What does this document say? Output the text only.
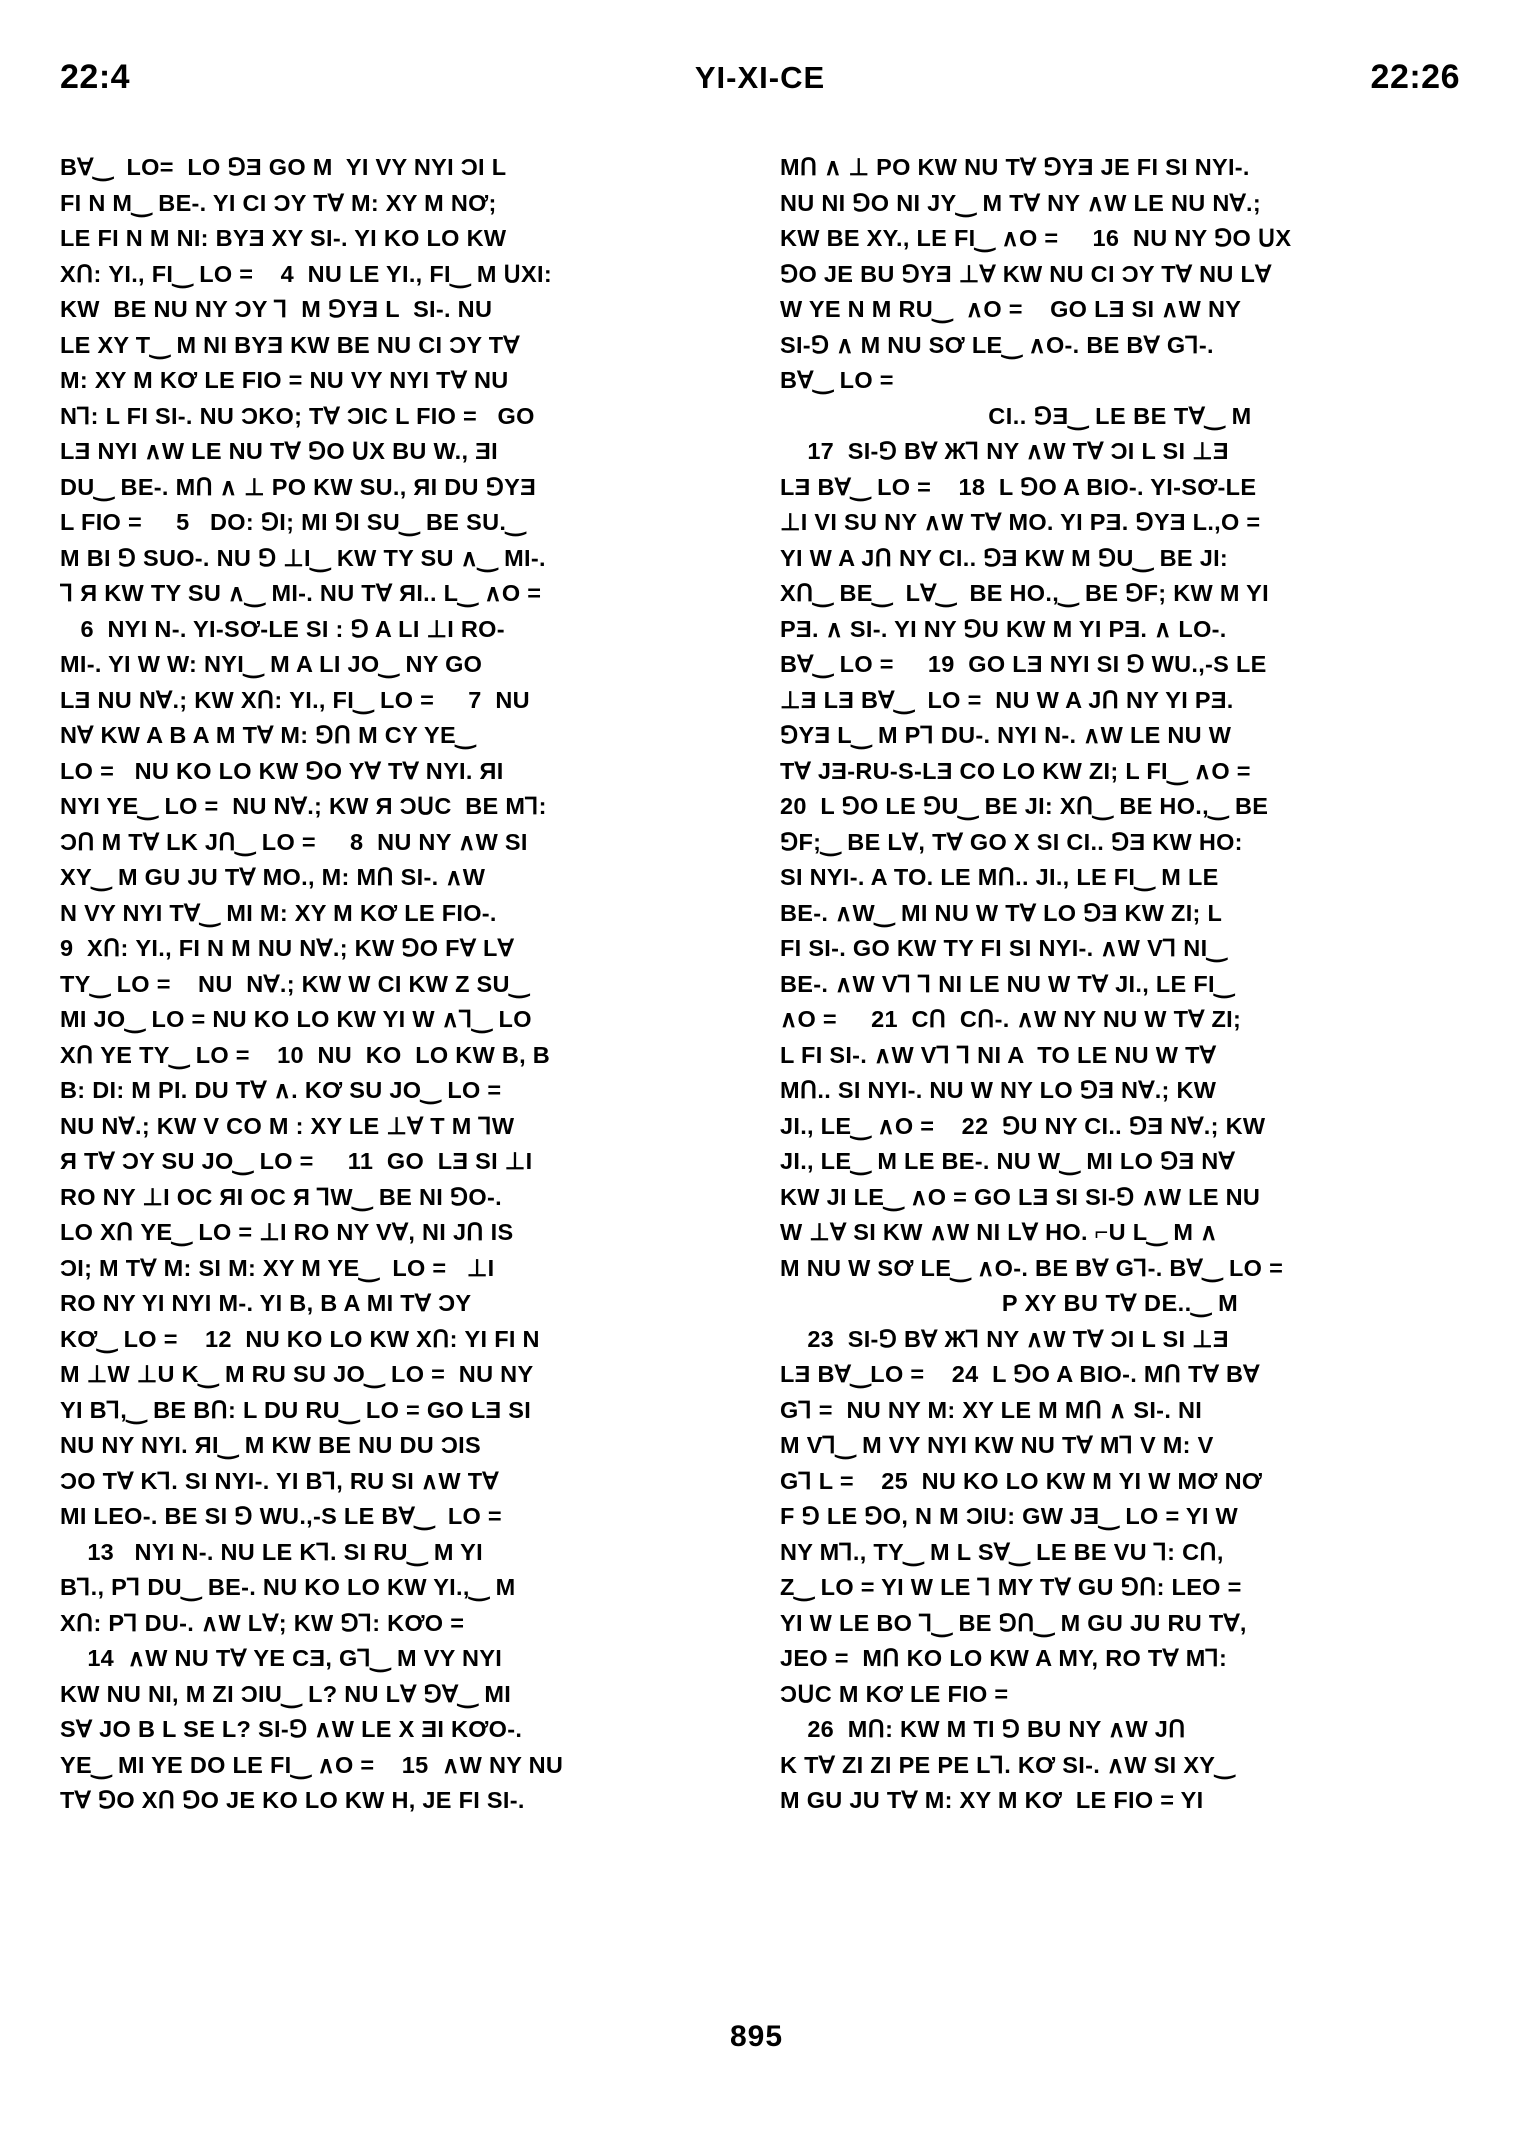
22:4	YI-XI-CE	22:26
B∀‿  LO=  LO ⅁Ǝ GO M  YI VY NYI ƆI L
FI N M‿ BE-. YI CI ƆY T∀ M: XY M NƠ;
LE FI N M NI: BYƎ XY SI-. YI KO LO KW
XՈ: YI., FI‿ LO =    4  NU LE YI., FI‿ M ՍXI:
KW  BE NU NY ƆY ⅂  M ⅁YƎ L  SI-. NU
LE XY T‿ M NI BYƎ KW BE NU CI ƆY T∀
M: XY M KƠ LE FIO = NU VY NYI T∀ NU
N⅂: L FI SI-. NU ƆKO; T∀ ƆIC L FIO =   GO
LƎ NYI ∧W LE NU T∀ ⅁O ՍX BU W., ƎI
DU‿ BE-. MՈ ∧ ⊥ PO KW SU., ЯI DU ⅁YƎ
L FIO =     5   DO: ⅁I; MI ⅁I SU‿ BE SU.‿
M BI ⅁ SUO-. NU ⅁ ⊥I‿ KW TY SU ∧‿ MI-.
⅂ Я KW TY SU ∧‿ MI-. NU T∀ ЯI.. L‿ ∧O =
6  NYI N-. YI-SƠ-LE SI : ⅁ A LI ⊥I RO-
MI-. YI W W: NYI‿ M A LI JO‿ NY GO
LƎ NU N∀.; KW XՈ: YI., FI‿ LO =     7  NU
N∀ KW A B A M T∀ M: ⅁Ո M CY YE‿
LO =   NU KO LO KW ⅁O Y∀ T∀ NYI. ЯI
NYI YE‿ LO =  NU N∀.; KW Я ƆՍC  BE M⅂:
ƆՈ M T∀ LK JՈ‿ LO =     8  NU NY ∧W SI
XY‿ M GU JU T∀ MO., M: MՈ SI-. ∧W
N VY NYI T∀‿ MI M: XY M KƠ LE FIO-.
9  XՈ: YI., FI N M NU N∀.; KW ⅁O F∀ L∀
TY‿ LO =    NU  N∀.; KW W CI KW Z SU‿
MI JO‿ LO = NU KO LO KW YI W ∧⅂‿ LO
XՈ YE TY‿ LO =    10  NU  KO  LO KW B, B
B: DI: M PI. DU T∀ ∧. KƠ SU JO‿ LO =
NU N∀.; KW V CO M : XY LE ⊥∀ T M ⅂W
Я T∀ ƆY SU JO‿ LO =     11  GO  LƎ SI ⊥I
RO NY ⊥I OC ЯI OC Я ⅂W‿ BE NI ⅁O-.
LO XՈ YE‿ LO = ⊥I RO NY V∀, NI JՈ IS
ƆI; M T∀ M: SI M: XY M YE‿  LO =   ⊥I
RO NY YI NYI M-. YI B, B A MI T∀ ƆY
KƠ‿ LO =    12  NU KO LO KW XՈ: YI FI N
M ⊥W ⊥U K‿ M RU SU JO‿ LO =  NU NY
YI B⅂,‿ BE BՈ: L DU RU‿ LO = GO LƎ SI
NU NY NYI. ЯI‿ M KW BE NU DU ƆIS
ƆO T∀ K⅂. SI NYI-. YI B⅂, RU SI ∧W T∀
MI LEO-. BE SI ⅁ WU.,-S LE B∀‿  LO =
13   NYI N-. NU LE K⅂. SI RU‿ M YI
B⅂., P⅂ DU‿ BE-. NU KO LO KW YI.,‿ M
XՈ: P⅂ DU-. ∧W L∀; KW ⅁⅂: KƠO =
14  ∧W NU T∀ YE CƎ, G⅂‿ M VY NYI
KW NU NI, M ZI ƆIU‿ L? NU L∀ ⅁∀‿ MI
S∀ JO B L SE L? SI-⅁ ∧W LE X ƎI KƠO-.
YE‿ MI YE DO LE FI‿ ∧O =    15  ∧W NY NU
T∀ ⅁O XՈ ⅁O JE KO LO KW H, JE FI SI-.
MՈ ∧ ⊥ PO KW NU T∀ ⅁YƎ JE FI SI NYI-.
NU NI ⅁O NI JY‿ M T∀ NY ∧W LE NU N∀.;
KW BE XY., LE FI‿ ∧O =     16  NU NY ⅁O ՍX
⅁O JE BU ⅁YƎ ⊥∀ KW NU CI ƆY T∀ NU L∀
W YE N M RU‿  ∧O =    GO LƎ SI ∧W NY
SI-⅁ ∧ M NU SƠ LE‿ ∧O-. BE B∀ G⅂-.
B∀‿ LO =
CI.. ⅁Ǝ‿ LE BE T∀‿ M
17  SI-⅁ B∀ Ж⅂ NY ∧W T∀ ƆI L SI ⊥Ǝ
LƎ B∀‿ LO =    18  L ⅁O A BIO-. YI-SƠ-LE
⊥I VI SU NY ∧W T∀ MO. YI PƎ. ⅁YƎ L.,O =
YI W A JՈ NY CI.. ⅁Ǝ KW M ⅁U‿ BE JI:
XՈ‿ BE‿  L∀‿  BE HO.,‿ BE ⅁F; KW M YI
PƎ. ∧ SI-. YI NY ⅁U KW M YI PƎ. ∧ LO-.
B∀‿ LO =     19  GO LƎ NYI SI ⅁ WU.,-S LE
⊥Ǝ LƎ B∀‿  LO =  NU W A JՈ NY YI PƎ.
⅁YƎ L‿ M P⅂ DU-. NYI N-. ∧W LE NU W
T∀ JƎ-RU-S-LƎ CO LO KW ZI; L FI‿ ∧O =
20  L ⅁O LE ⅁U‿ BE JI: XՈ‿ BE HO.,‿ BE
⅁F;‿ BE L∀, T∀ GO X SI CI.. ⅁Ǝ KW HO:
SI NYI-. A TO. LE MՈ.. JI., LE FI‿ M LE
BE-. ∧W‿ MI NU W T∀ LO ⅁Ǝ KW ZI; L
FI SI-. GO KW TY FI SI NYI-. ∧W V⅂ NI‿
BE-. ∧W V⅂ ⅂ NI LE NU W T∀ JI., LE FI‿
∧O =     21  CՈ  CՈ-. ∧W NY NU W T∀ ZI;
L FI SI-. ∧W V⅂ ⅂ NI A  TO LE NU W T∀
MՈ.. SI NYI-. NU W NY LO ⅁Ǝ N∀.; KW
JI., LE‿ ∧O =    22  ⅁U NY CI.. ⅁Ǝ N∀.; KW
JI., LE‿ M LE BE-. NU W‿ MI LO ⅁Ǝ N∀
KW JI LE‿ ∧O = GO LƎ SI SI-⅁ ∧W LE NU
W ⊥∀ SI KW ∧W NI L∀ HO. ⌐U L‿ M ∧
M NU W SƠ LE‿ ∧O-. BE B∀ G⅂-. B∀‿ LO =
P XY BU T∀ DE..‿ M
23  SI-⅁ B∀ Ж⅂ NY ∧W T∀ ƆI L SI ⊥Ǝ
LƎ B∀‿LO =    24  L ⅁O A BIO-. MՈ T∀ B∀
G⅂ =  NU NY M: XY LE M MՈ ∧ SI-. NI
M V⅂‿ M VY NYI KW NU T∀ M⅂ V M: V
G⅂ L =    25  NU KO LO KW M YI W MƠ NƠ
F ⅁ LE ⅁O, N M ƆIU: GW JƎ‿ LO = YI W
NY M⅂., TY‿ M L S∀‿ LE BE VU ⅂: CՈ,
Z‿ LO = YI W LE ⅂ MY T∀ GU ⅁Ո: LEO =
YI W LE BO ⅂‿ BE ⅁Ո‿ M GU JU RU T∀,
JEO =  MՈ KO LO KW A MY, RO T∀ M⅂:
ƆՍC M KƠ LE FIO =
26  MՈ: KW M TI ⅁ BU NY ∧W JՈ
K T∀ ZI ZI PE PE L⅂. KƠ SI-. ∧W SI XY‿
M GU JU T∀ M: XY M KƠ  LE FIO = YI
895
